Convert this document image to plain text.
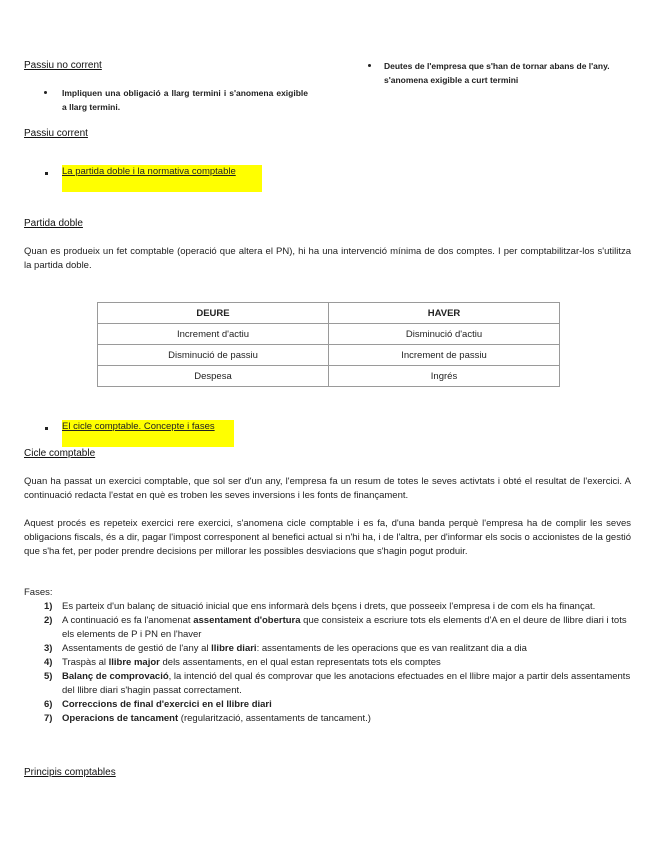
Passiu no corrent
Impliquen una obligació a llarg termini i s'anomena exigible a llarg termini.
Deutes de l'empresa que s'han de tornar abans de l'any. s'anomena exigible a curt termini
Passiu corrent
La partida doble i la normativa comptable
Partida doble
Quan es produeix un fet comptable (operació que altera el PN), hi ha una intervenció mínima de dos comptes. I per comptabilitzar-los s'utilitza la partida doble.
DEURE	HAVER
Increment d'actiu	Disminució d'actiu
Disminució de passiu	Increment de passiu
Despesa	Ingrés
El cicle comptable. Concepte i fases
Cicle comptable
Quan ha passat un exercici comptable, que sol ser d'un any, l'empresa fa un resum de totes le seves activtats i obté el resultat de l'exercici. A continuació redacta l'estat en què es troben les seves inversions i les fonts de finançament.
Aquest procés es repeteix exercici rere exercici, s'anomena cicle comptable i es fa, d'una banda perquè l'empresa ha de complir les seves obligacions fiscals, és a dir, pagar l'impost corresponent al benefici actual si n'hi ha, i de l'altra, per d'informar els socis o accionistes de la gestió que s'ha fet, per poder prendre decisions per millorar les possibles desviacions que s'hagin pogut produir.
Fases:
1) Es parteix d'un balanç de situació inicial que ens informarà dels bçens i drets, que posseeix l'empresa i de com els ha finançat.
2) A continuació es fa l'anomenat assentament d'obertura que consisteix a escriure tots els elements d'A en el deure de llibre diari i tots els elements de P i PN en l'haver
3) Assentaments de gestió de l'any al llibre diari: assentaments de les operacions que es van realitzant dia a dia
4) Traspàs al llibre major dels assentaments, en el qual estan representats tots els comptes
5) Balanç de comprovació, la intenció del qual és comprovar que les anotacions efectuades en el llibre major a partir dels assentaments del llibre diari s'hagin passat correctament.
6) Correccions de final d'exercici en el llibre diari
7) Operacions de tancament (regularització, assentaments de tancament.)
Principis comptables
